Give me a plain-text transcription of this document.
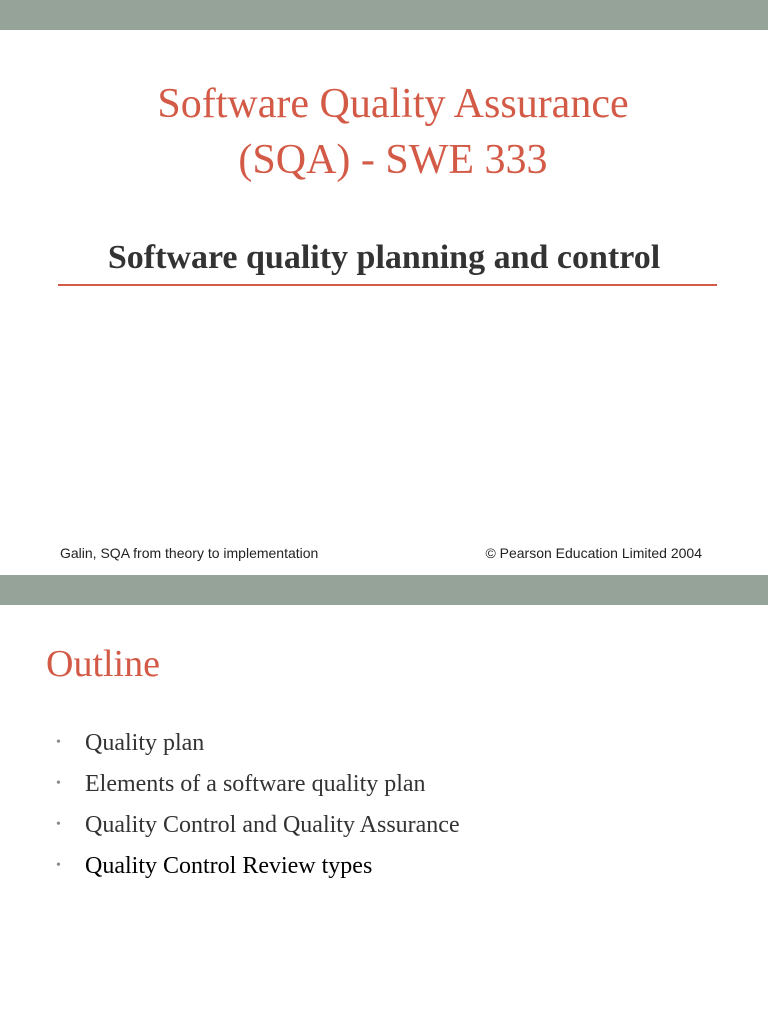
Software Quality Assurance
(SQA) - SWE 333
Software quality planning and control
Galin, SQA from theory to implementation	© Pearson Education Limited 2004
Outline
• Quality plan
• Elements of a software quality plan
• Quality Control and Quality Assurance
• Quality Control Review types
